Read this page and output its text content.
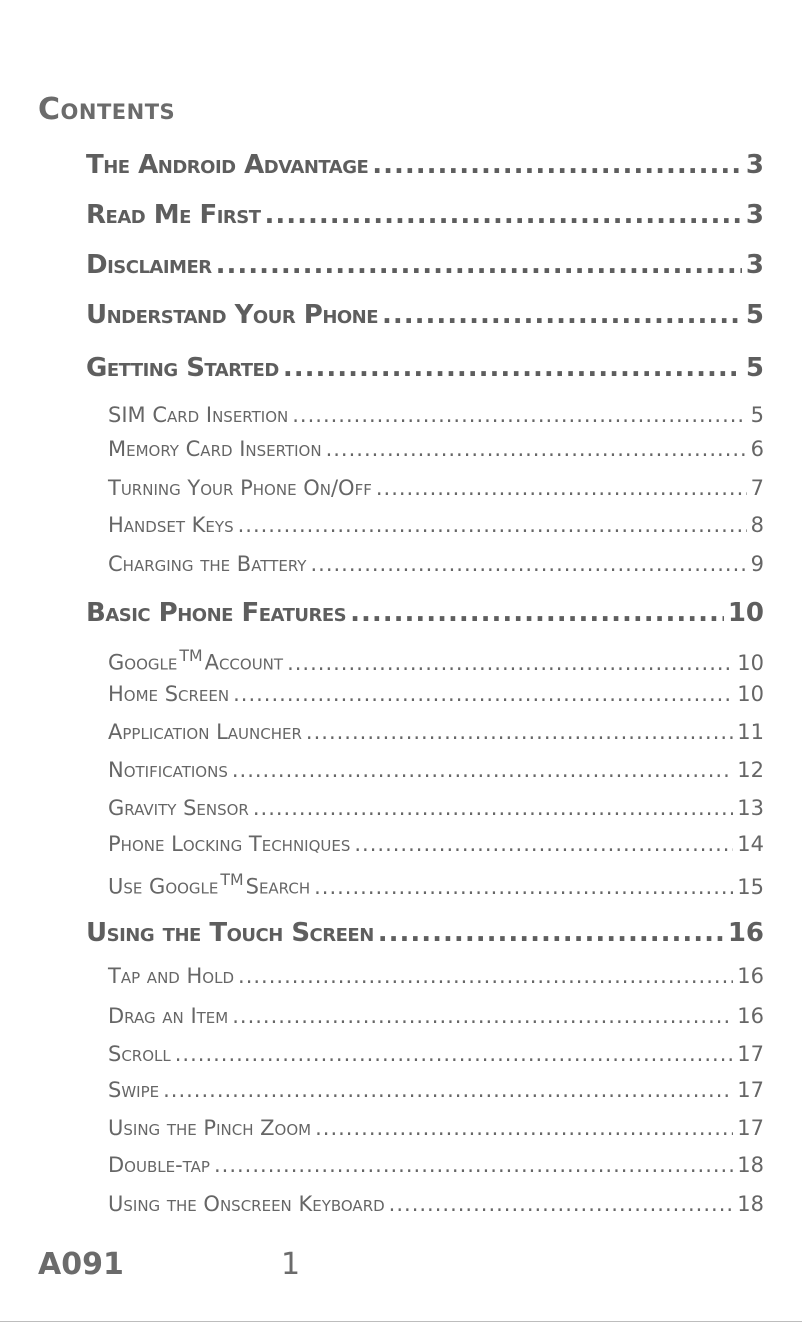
Contents
The Android Advantage .....	3
Read Me First .....	3
Disclaimer .....	3
Understand Your Phone .....	5
Getting Started .....	5
SIM Card Insertion .....	5
Memory Card Insertion .....	6
Turning Your Phone On/Off .....	7
Handset Keys .....	8
Charging the Battery .....	9
Basic Phone Features .....	10
Google ™Account .....	10
Home Screen .....	10
Application Launcher .....	11
Notifications .....	12
Gravity Sensor .....	13
Phone Locking Techniques .....	14
Use Google ™Search .....	15
Using the Touch Screen .....	16
Tap and Hold .....	16
Drag an Item .....	16
Scroll .....	17
Swipe .....	17
Using the Pinch Zoom .....	17
Double-tap .....	18
Using the Onscreen Keyboard .....	18
A091	1
